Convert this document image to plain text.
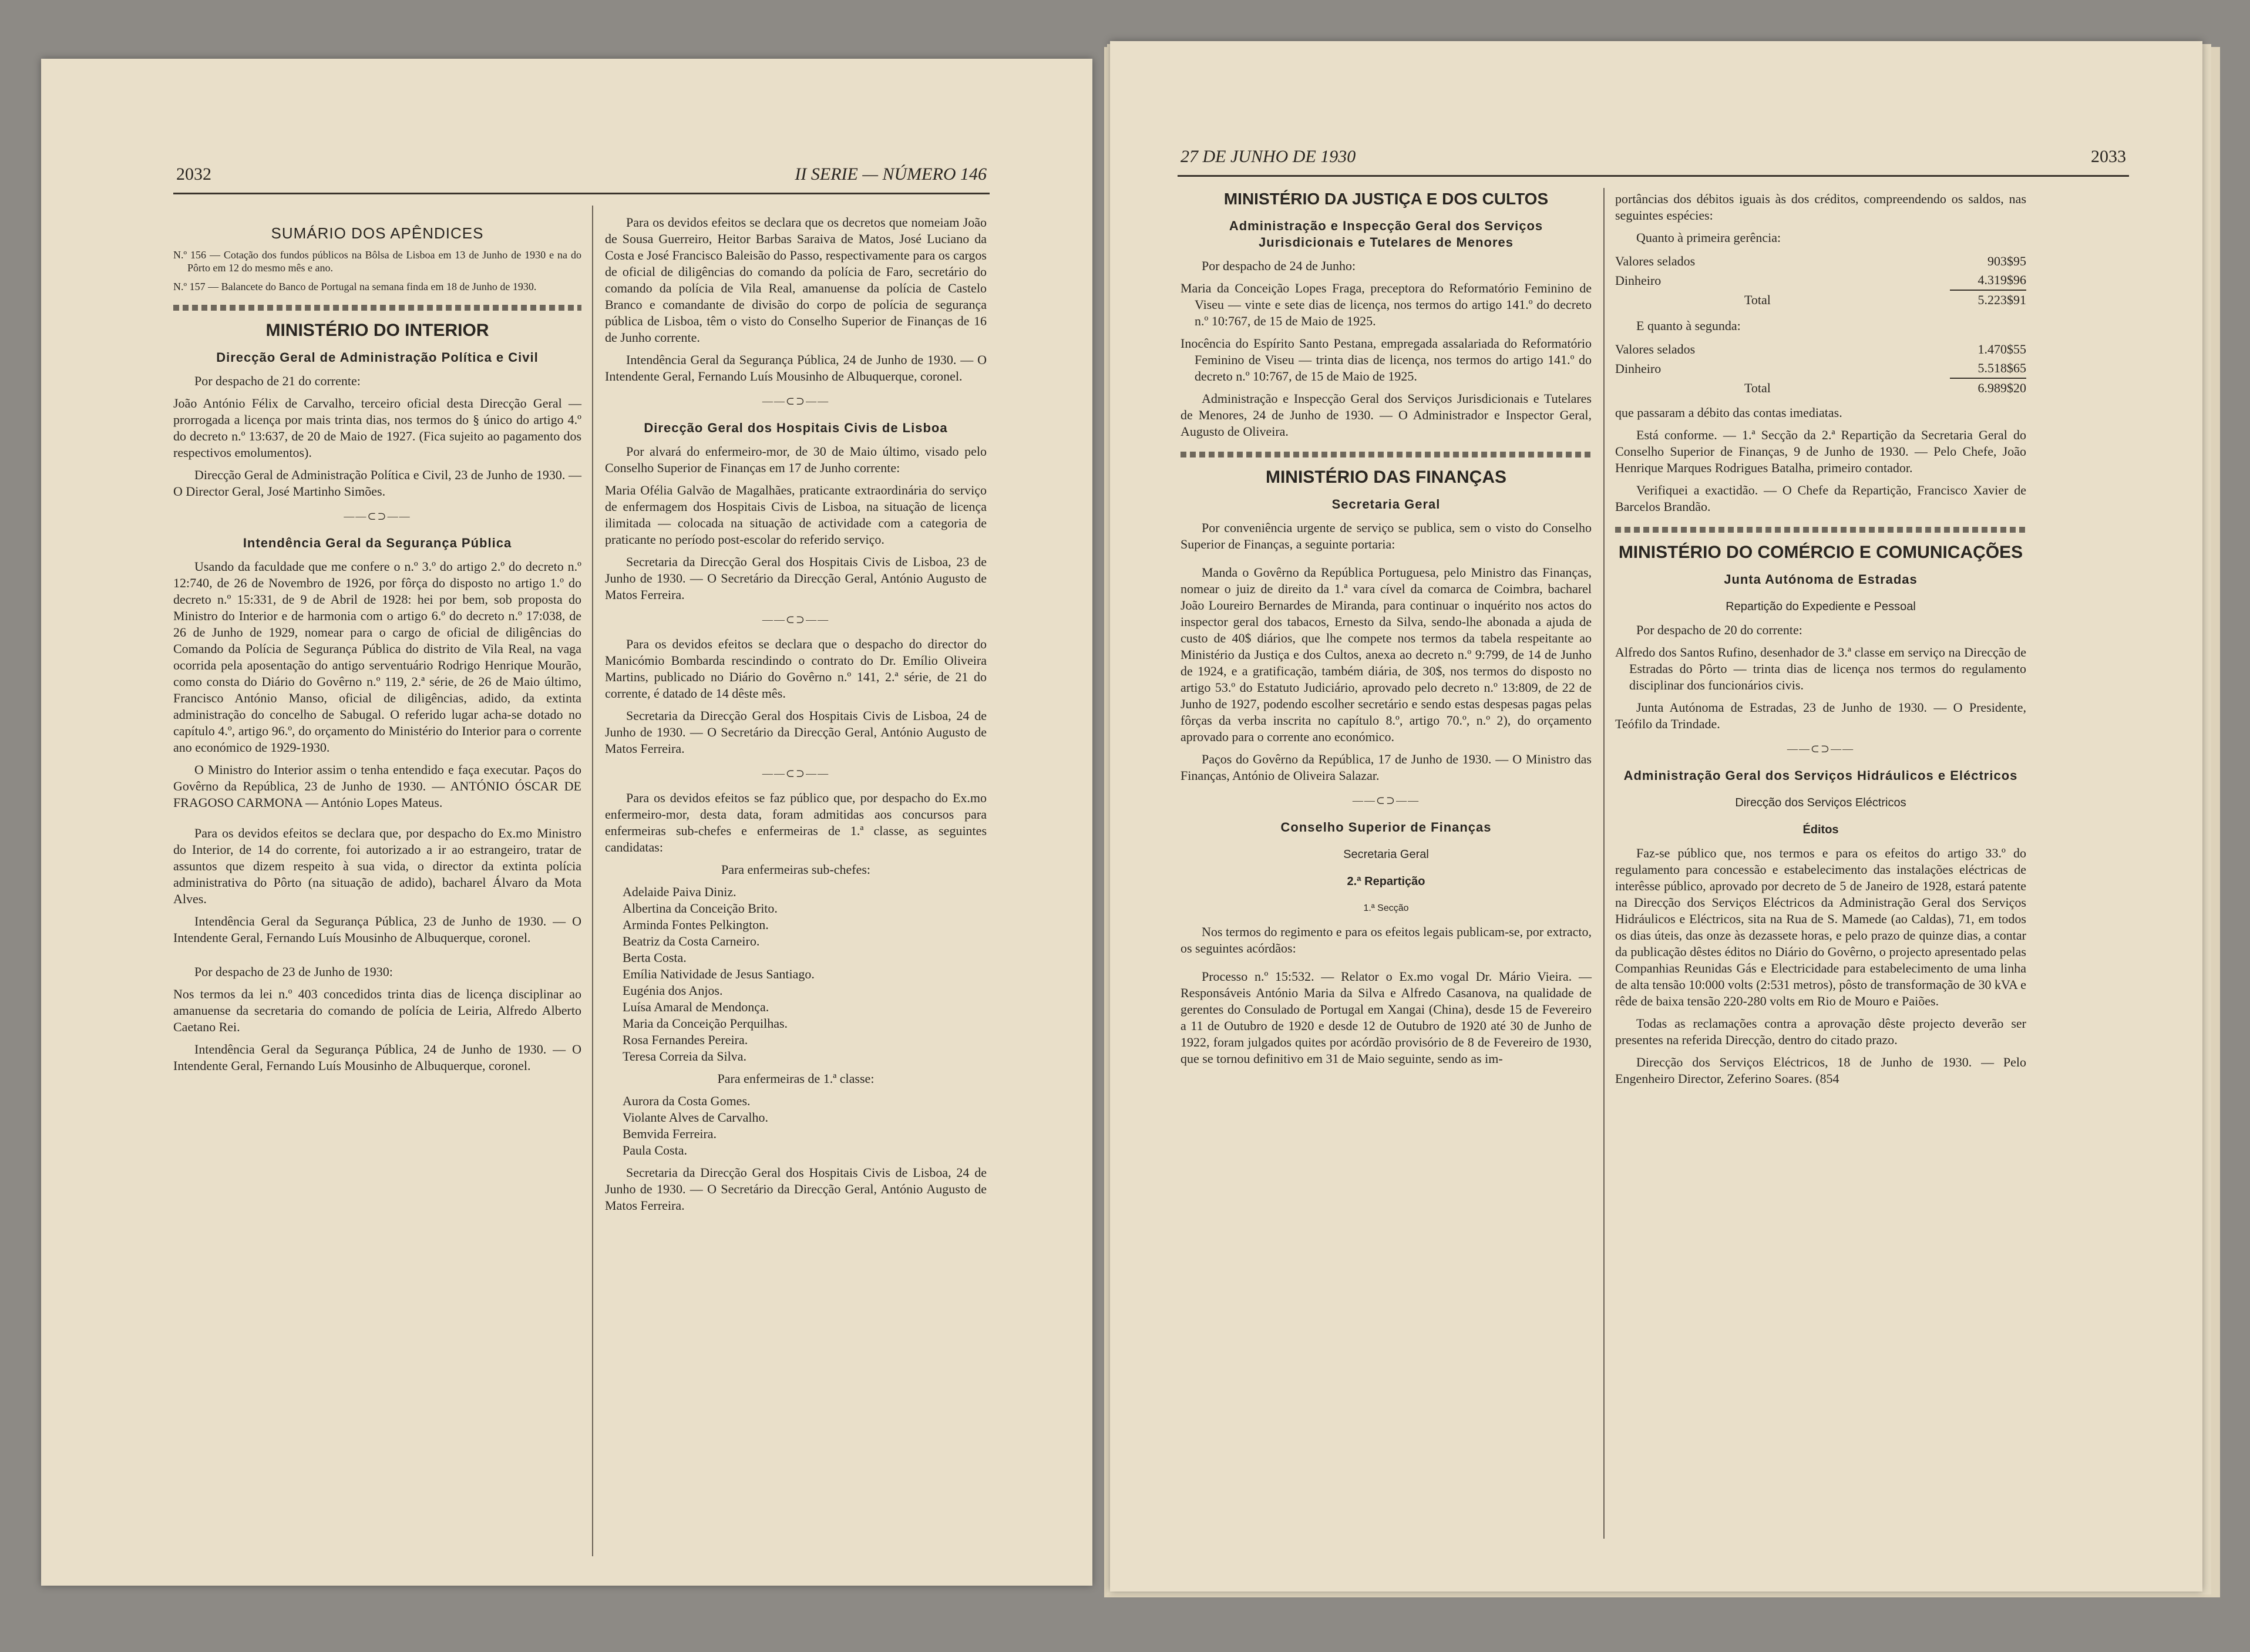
2032	II SERIE — NÚMERO 146
SUMÁRIO DOS APÊNDICES

N.º 156 — Cotação dos fundos públicos na Bôlsa de Lisboa em 13 de Junho de 1930 e na do Pôrto em 12 do mesmo mês e ano.

N.º 157 — Balancete do Banco de Portugal na semana finda em 18 de Junho de 1930.

MINISTÉRIO DO INTERIOR
Direcção Geral de Administração Política e Civil

Por despacho de 21 do corrente:

João António Félix de Carvalho, terceiro oficial desta Direcção Geral — prorrogada a licença por mais trinta dias, nos termos do § único do artigo 4.º do decreto n.º 13:637, de 20 de Maio de 1927. (Fica sujeito ao pagamento dos respectivos emolumentos).

Direcção Geral de Administração Política e Civil, 23 de Junho de 1930. — O Director Geral, José Martinho Simões.

——⊂⊃——
Intendência Geral da Segurança Pública

Usando da faculdade que me confere o n.º 3.º do artigo 2.º do decreto n.º 12:740, de 26 de Novembro de 1926, por fôrça do disposto no artigo 1.º do decreto n.º 15:331, de 9 de Abril de 1928: hei por bem, sob proposta do Ministro do Interior e de harmonia com o artigo 6.º do decreto n.º 17:038, de 26 de Junho de 1929, nomear para o cargo de oficial de diligências do Comando da Polícia de Segurança Pública do distrito de Vila Real, na vaga ocorrida pela aposentação do antigo serventuário Rodrigo Henrique Mourão, como consta do Diário do Govêrno n.º 119, 2.ª série, de 26 de Maio último, Francisco António Manso, oficial de diligências, adido, da extinta administração do concelho de Sabugal. O referido lugar acha-se dotado no capítulo 4.º, artigo 96.º, do orçamento do Ministério do Interior para o corrente ano económico de 1929-1930.

O Ministro do Interior assim o tenha entendido e faça executar. Paços do Govêrno da República, 23 de Junho de 1930. — ANTÓNIO ÓSCAR DE FRAGOSO CARMONA — António Lopes Mateus.

Para os devidos efeitos se declara que, por despacho do Ex.mo Ministro do Interior, de 14 do corrente, foi autorizado a ir ao estrangeiro, tratar de assuntos que dizem respeito à sua vida, o director da extinta polícia administrativa do Pôrto (na situação de adido), bacharel Álvaro da Mota Alves.

Intendência Geral da Segurança Pública, 23 de Junho de 1930. — O Intendente Geral, Fernando Luís Mousinho de Albuquerque, coronel.

Por despacho de 23 de Junho de 1930:

Nos termos da lei n.º 403 concedidos trinta dias de licença disciplinar ao amanuense da secretaria do comando de polícia de Leiria, Alfredo Alberto Caetano Rei.

Intendência Geral da Segurança Pública, 24 de Junho de 1930. — O Intendente Geral, Fernando Luís Mousinho de Albuquerque, coronel.

Para os devidos efeitos se declara que os decretos que nomeiam João de Sousa Guerreiro, Heitor Barbas Saraiva de Matos, José Luciano da Costa e José Francisco Baleisão do Passo, respectivamente para os cargos de oficial de diligências do comando da polícia de Faro, secretário do comando da polícia de Vila Real, amanuense da polícia de Castelo Branco e comandante de divisão do corpo de polícia de segurança pública de Lisboa, têm o visto do Conselho Superior de Finanças de 16 de Junho corrente.

Intendência Geral da Segurança Pública, 24 de Junho de 1930. — O Intendente Geral, Fernando Luís Mousinho de Albuquerque, coronel.

——⊂⊃——
Direcção Geral dos Hospitais Civis de Lisboa

Por alvará do enfermeiro-mor, de 30 de Maio último, visado pelo Conselho Superior de Finanças em 17 de Junho corrente:

Maria Ofélia Galvão de Magalhães, praticante extraordinária do serviço de enfermagem dos Hospitais Civis de Lisboa, na situação de licença ilimitada — colocada na situação de actividade com a categoria de praticante no período post-escolar do referido serviço.

Secretaria da Direcção Geral dos Hospitais Civis de Lisboa, 23 de Junho de 1930. — O Secretário da Direcção Geral, António Augusto de Matos Ferreira.

——⊂⊃——

Para os devidos efeitos se declara que o despacho do director do Manicómio Bombarda rescindindo o contrato do Dr. Emílio Oliveira Martins, publicado no Diário do Govêrno n.º 141, 2.ª série, de 21 do corrente, é datado de 14 dêste mês.

Secretaria da Direcção Geral dos Hospitais Civis de Lisboa, 24 de Junho de 1930. — O Secretário da Direcção Geral, António Augusto de Matos Ferreira.

——⊂⊃——

Para os devidos efeitos se faz público que, por despacho do Ex.mo enfermeiro-mor, desta data, foram admitidas aos concursos para enfermeiras sub-chefes e enfermeiras de 1.ª classe, as seguintes candidatas:

Para enfermeiras sub-chefes:

Adelaide Paiva Diniz.

Albertina da Conceição Brito.

Arminda Fontes Pelkington.

Beatriz da Costa Carneiro.

Berta Costa.

Emília Natividade de Jesus Santiago.

Eugénia dos Anjos.

Luísa Amaral de Mendonça.

Maria da Conceição Perquilhas.

Rosa Fernandes Pereira.

Teresa Correia da Silva.

Para enfermeiras de 1.ª classe:

Aurora da Costa Gomes.

Violante Alves de Carvalho.

Bemvida Ferreira.

Paula Costa.

Secretaria da Direcção Geral dos Hospitais Civis de Lisboa, 24 de Junho de 1930. — O Secretário da Direcção Geral, António Augusto de Matos Ferreira.

27 DE JUNHO DE 1930	2033
MINISTÉRIO DA JUSTIÇA E DOS CULTOS
Administração e Inspecção Geral dos Serviços Jurisdicionais e Tutelares de Menores

Por despacho de 24 de Junho:

Maria da Conceição Lopes Fraga, preceptora do Reformatório Feminino de Viseu — vinte e sete dias de licença, nos termos do artigo 141.º do decreto n.º 10:767, de 15 de Maio de 1925.

Inocência do Espírito Santo Pestana, empregada assalariada do Reformatório Feminino de Viseu — trinta dias de licença, nos termos do artigo 141.º do decreto n.º 10:767, de 15 de Maio de 1925.

Administração e Inspecção Geral dos Serviços Jurisdicionais e Tutelares de Menores, 24 de Junho de 1930. — O Administrador e Inspector Geral, Augusto de Oliveira.

MINISTÉRIO DAS FINANÇAS
Secretaria Geral

Por conveniência urgente de serviço se publica, sem o visto do Conselho Superior de Finanças, a seguinte portaria:

Manda o Govêrno da República Portuguesa, pelo Ministro das Finanças, nomear o juiz de direito da 1.ª vara cível da comarca de Coimbra, bacharel João Loureiro Bernardes de Miranda, para continuar o inquérito nos actos do inspector geral dos tabacos, Ernesto da Silva, sendo-lhe abonada a ajuda de custo de 40$ diários, que lhe compete nos termos da tabela respeitante ao Ministério da Justiça e dos Cultos, anexa ao decreto n.º 9:799, de 14 de Junho de 1924, e a gratificação, também diária, de 30$, nos termos do disposto no artigo 53.º do Estatuto Judiciário, aprovado pelo decreto n.º 13:809, de 22 de Junho de 1927, podendo escolher secretário e sendo estas despesas pagas pelas fôrças da verba inscrita no capítulo 8.º, artigo 70.º, n.º 2), do orçamento aprovado para o corrente ano económico.

Paços do Govêrno da República, 17 de Junho de 1930. — O Ministro das Finanças, António de Oliveira Salazar.

——⊂⊃——
Conselho Superior de Finanças
Secretaria Geral
2.ª Repartição
1.ª Secção

Nos termos do regimento e para os efeitos legais publicam-se, por extracto, os seguintes acórdãos:

Processo n.º 15:532. — Relator o Ex.mo vogal Dr. Mário Vieira. — Responsáveis António Maria da Silva e Alfredo Casanova, na qualidade de gerentes do Consulado de Portugal em Xangai (China), desde 15 de Fevereiro a 11 de Outubro de 1920 e desde 12 de Outubro de 1920 até 30 de Junho de 1922, foram julgados quites por acórdão provisório de 8 de Fevereiro de 1930, que se tornou definitivo em 31 de Maio seguinte, sendo as im-

portâncias dos débitos iguais às dos créditos, compreendendo os saldos, nas seguintes espécies:

Quanto à primeira gerência:

Valores selados	903$95
Dinheiro	4.319$96
Total	5.223$91

E quanto à segunda:

Valores selados	1.470$55
Dinheiro	5.518$65
Total	6.989$20

que passaram a débito das contas imediatas.

Está conforme. — 1.ª Secção da 2.ª Repartição da Secretaria Geral do Conselho Superior de Finanças, 9 de Junho de 1930. — Pelo Chefe, João Henrique Marques Rodrigues Batalha, primeiro contador.

Verifiquei a exactidão. — O Chefe da Repartição, Francisco Xavier de Barcelos Brandão.

MINISTÉRIO DO COMÉRCIO E COMUNICAÇÕES
Junta Autónoma de Estradas
Repartição do Expediente e Pessoal

Por despacho de 20 do corrente:

Alfredo dos Santos Rufino, desenhador de 3.ª classe em serviço na Direcção de Estradas do Pôrto — trinta dias de licença nos termos do regulamento disciplinar dos funcionários civis.

Junta Autónoma de Estradas, 23 de Junho de 1930. — O Presidente, Teófilo da Trindade.

——⊂⊃——
Administração Geral dos Serviços Hidráulicos e Eléctricos
Direcção dos Serviços Eléctricos
Éditos

Faz-se público que, nos termos e para os efeitos do artigo 33.º do regulamento para concessão e estabelecimento das instalações eléctricas de interêsse público, aprovado por decreto de 5 de Janeiro de 1928, estará patente na Direcção dos Serviços Eléctricos da Administração Geral dos Serviços Hidráulicos e Eléctricos, sita na Rua de S. Mamede (ao Caldas), 71, em todos os dias úteis, das onze às dezassete horas, e pelo prazo de quinze dias, a contar da publicação dêstes éditos no Diário do Govêrno, o projecto apresentado pelas Companhias Reunidas Gás e Electricidade para estabelecimento de uma linha de alta tensão 10:000 volts (2:531 metros), pôsto de transformação de 30 kVA e rêde de baixa tensão 220-280 volts em Rio de Mouro e Paiões.

Todas as reclamações contra a aprovação dêste projecto deverão ser presentes na referida Direcção, dentro do citado prazo.

Direcção dos Serviços Eléctricos, 18 de Junho de 1930. — Pelo Engenheiro Director, Zeferino Soares. (854
